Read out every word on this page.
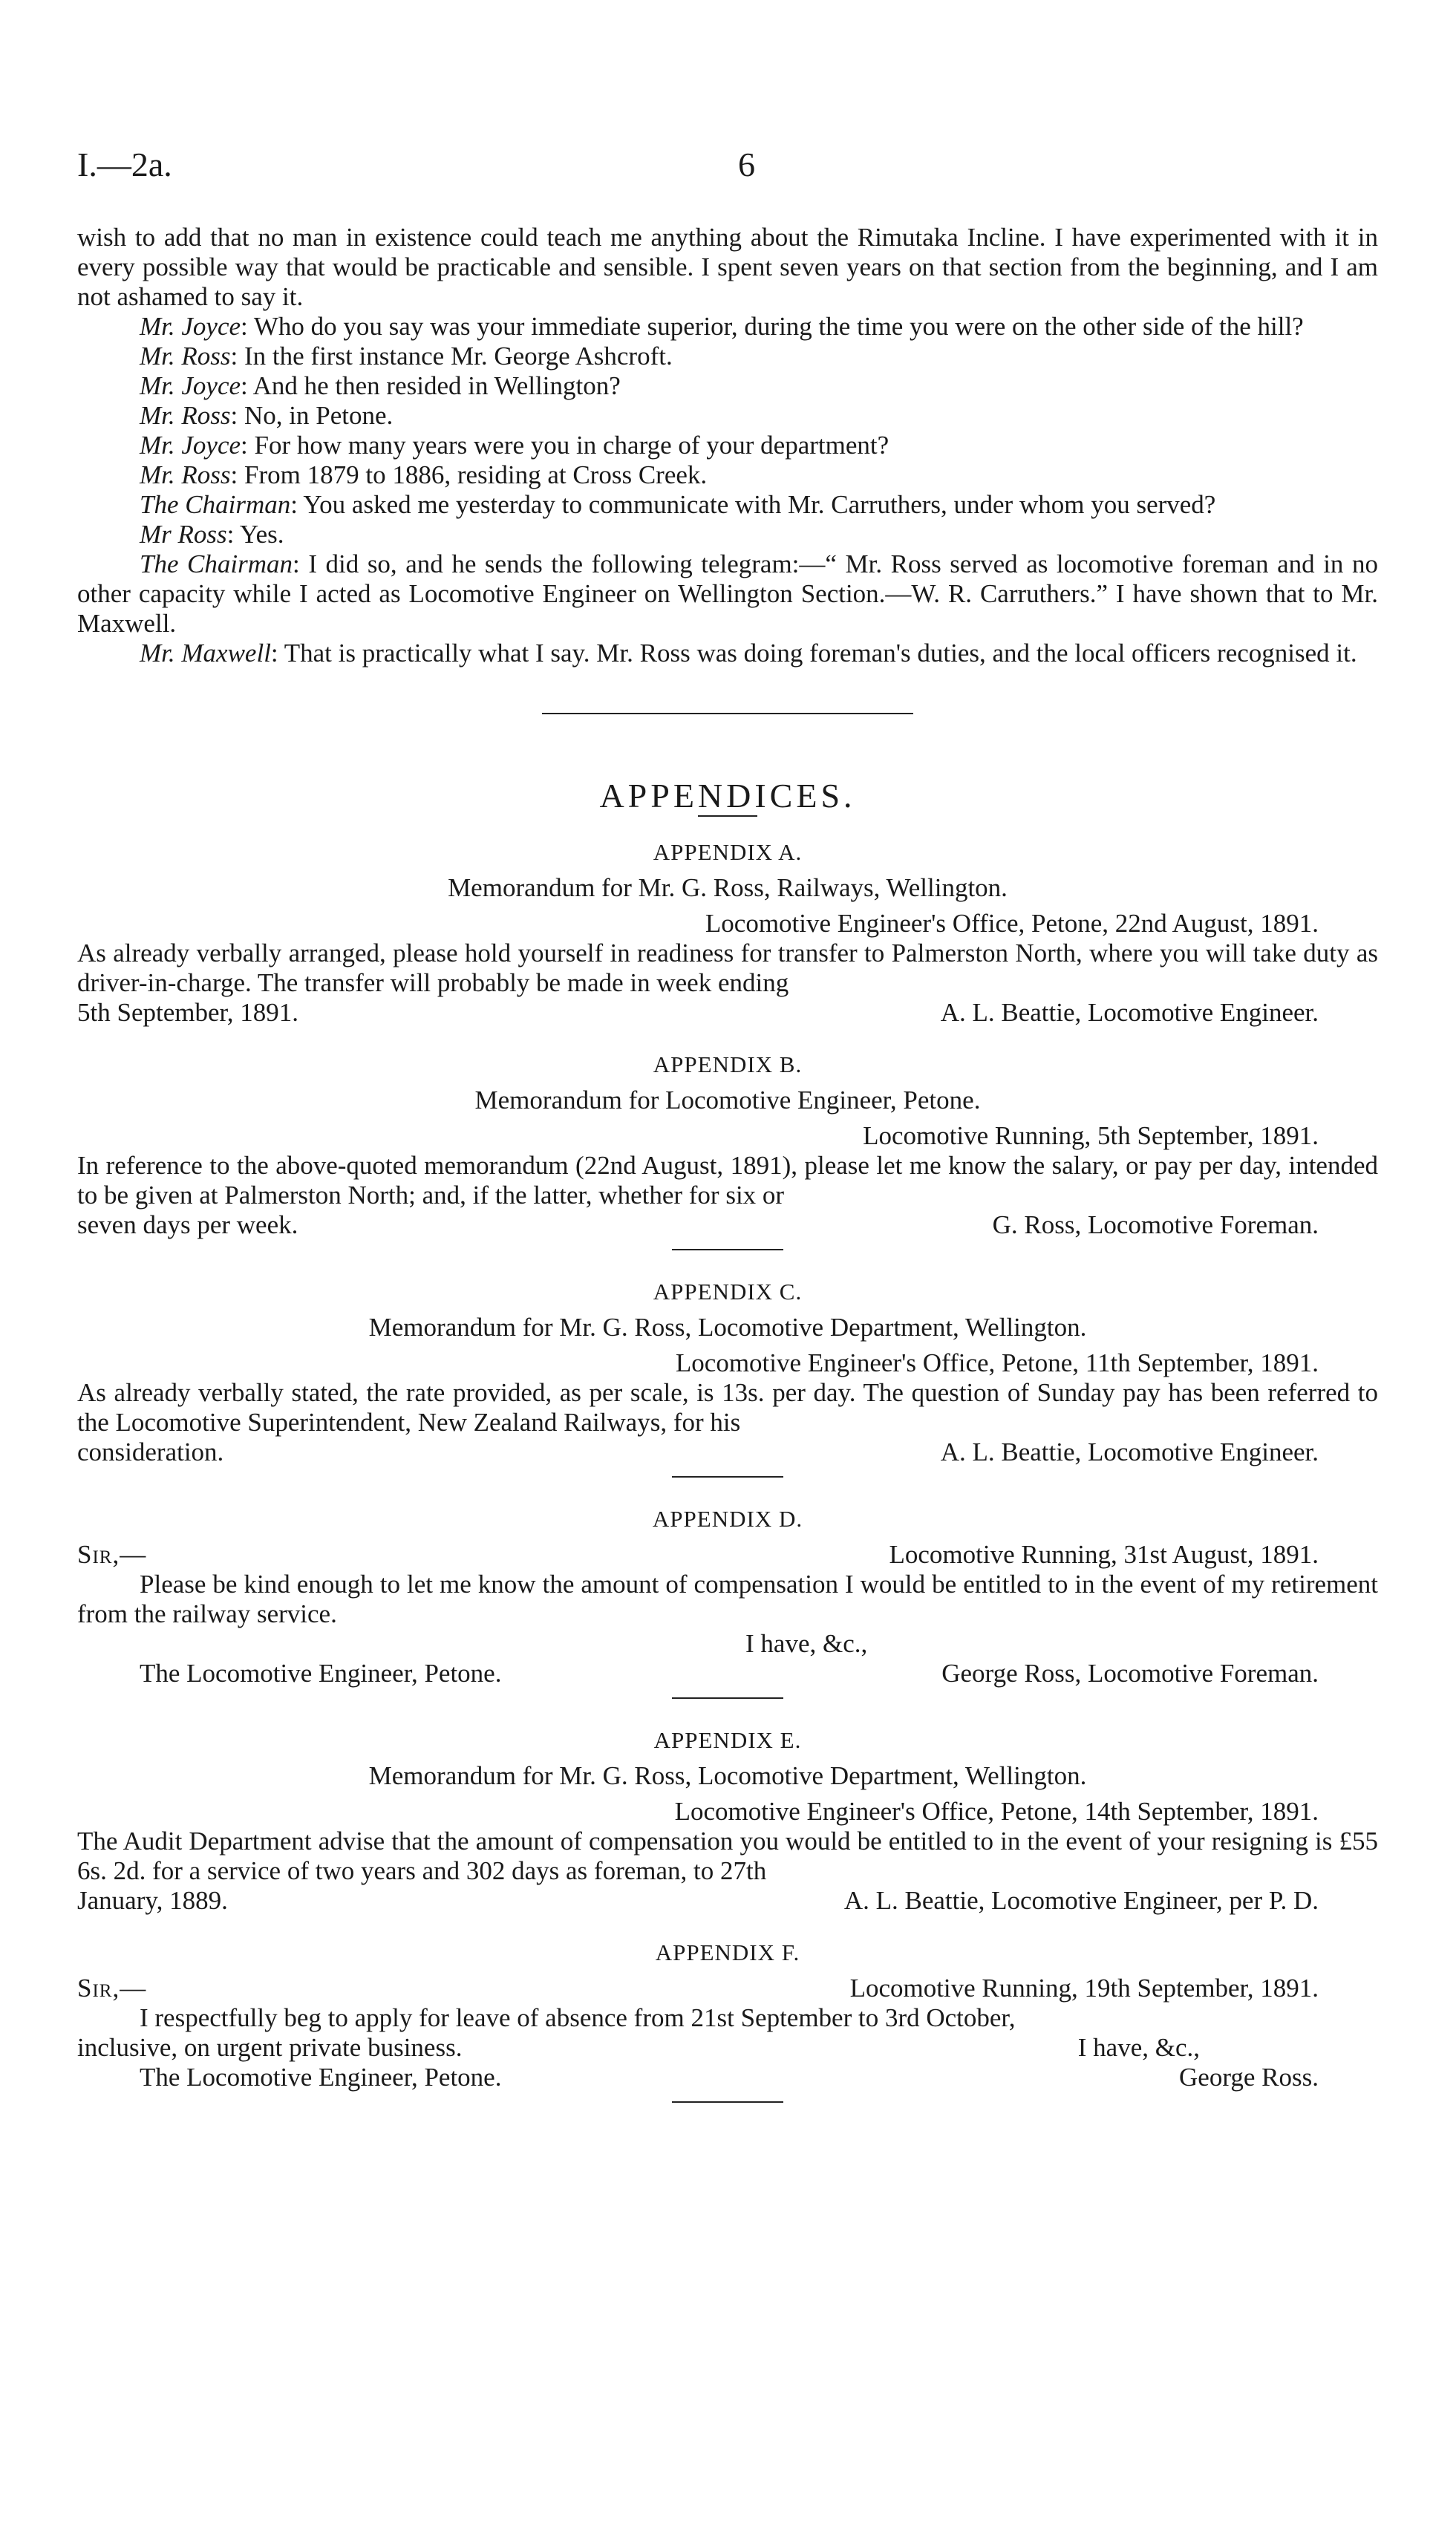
I.—2a.	6

wish to add that no man in existence could teach me anything about the Rimutaka Incline. I have experimented with it in every possible way that would be practicable and sensible. I spent seven years on that section from the beginning, and I am not ashamed to say it.

Mr. Joyce: Who do you say was your immediate superior, during the time you were on the other side of the hill?

Mr. Ross: In the first instance Mr. George Ashcroft.

Mr. Joyce: And he then resided in Wellington?

Mr. Ross: No, in Petone.

Mr. Joyce: For how many years were you in charge of your department?

Mr. Ross: From 1879 to 1886, residing at Cross Creek.

The Chairman: You asked me yesterday to communicate with Mr. Carruthers, under whom you served?

Mr Ross: Yes.

The Chairman: I did so, and he sends the following telegram:—“ Mr. Ross served as locomotive foreman and in no other capacity while I acted as Locomotive Engineer on Wellington Section.—W. R. Carruthers.” I have shown that to Mr. Maxwell.

Mr. Maxwell: That is practically what I say. Mr. Ross was doing foreman's duties, and the local officers recognised it.

APPENDICES.
APPENDIX A.
Memorandum for Mr. G. Ross, Railways, Wellington.
Locomotive Engineer's Office, Petone, 22nd August, 1891.

As already verbally arranged, please hold yourself in readiness for transfer to Palmerston North, where you will take duty as driver-in-charge. The transfer will probably be made in week ending

5th September, 1891.	A. L. Beattie, Locomotive Engineer.
APPENDIX B.
Memorandum for Locomotive Engineer, Petone.
Locomotive Running, 5th September, 1891.

In reference to the above-quoted memorandum (22nd August, 1891), please let me know the salary, or pay per day, intended to be given at Palmerston North; and, if the latter, whether for six or

seven days per week.	G. Ross, Locomotive Foreman.
APPENDIX C.
Memorandum for Mr. G. Ross, Locomotive Department, Wellington.
Locomotive Engineer's Office, Petone, 11th September, 1891.

As already verbally stated, the rate provided, as per scale, is 13s. per day. The question of Sunday pay has been referred to the Locomotive Superintendent, New Zealand Railways, for his

consideration.	A. L. Beattie, Locomotive Engineer.
APPENDIX D.
Sir,—	Locomotive Running, 31st August, 1891.

Please be kind enough to let me know the amount of compensation I would be entitled to in the event of my retirement from the railway service.

I have, &c.,
The Locomotive Engineer, Petone.	George Ross, Locomotive Foreman.
APPENDIX E.
Memorandum for Mr. G. Ross, Locomotive Department, Wellington.
Locomotive Engineer's Office, Petone, 14th September, 1891.

The Audit Department advise that the amount of compensation you would be entitled to in the event of your resigning is £55 6s. 2d. for a service of two years and 302 days as foreman, to 27th

January, 1889.	A. L. Beattie, Locomotive Engineer, per P. D.
APPENDIX F.
Sir,—	Locomotive Running, 19th September, 1891.

I respectfully beg to apply for leave of absence from 21st September to 3rd October,

inclusive, on urgent private business.	I have, &c.,
The Locomotive Engineer, Petone.	George Ross.
